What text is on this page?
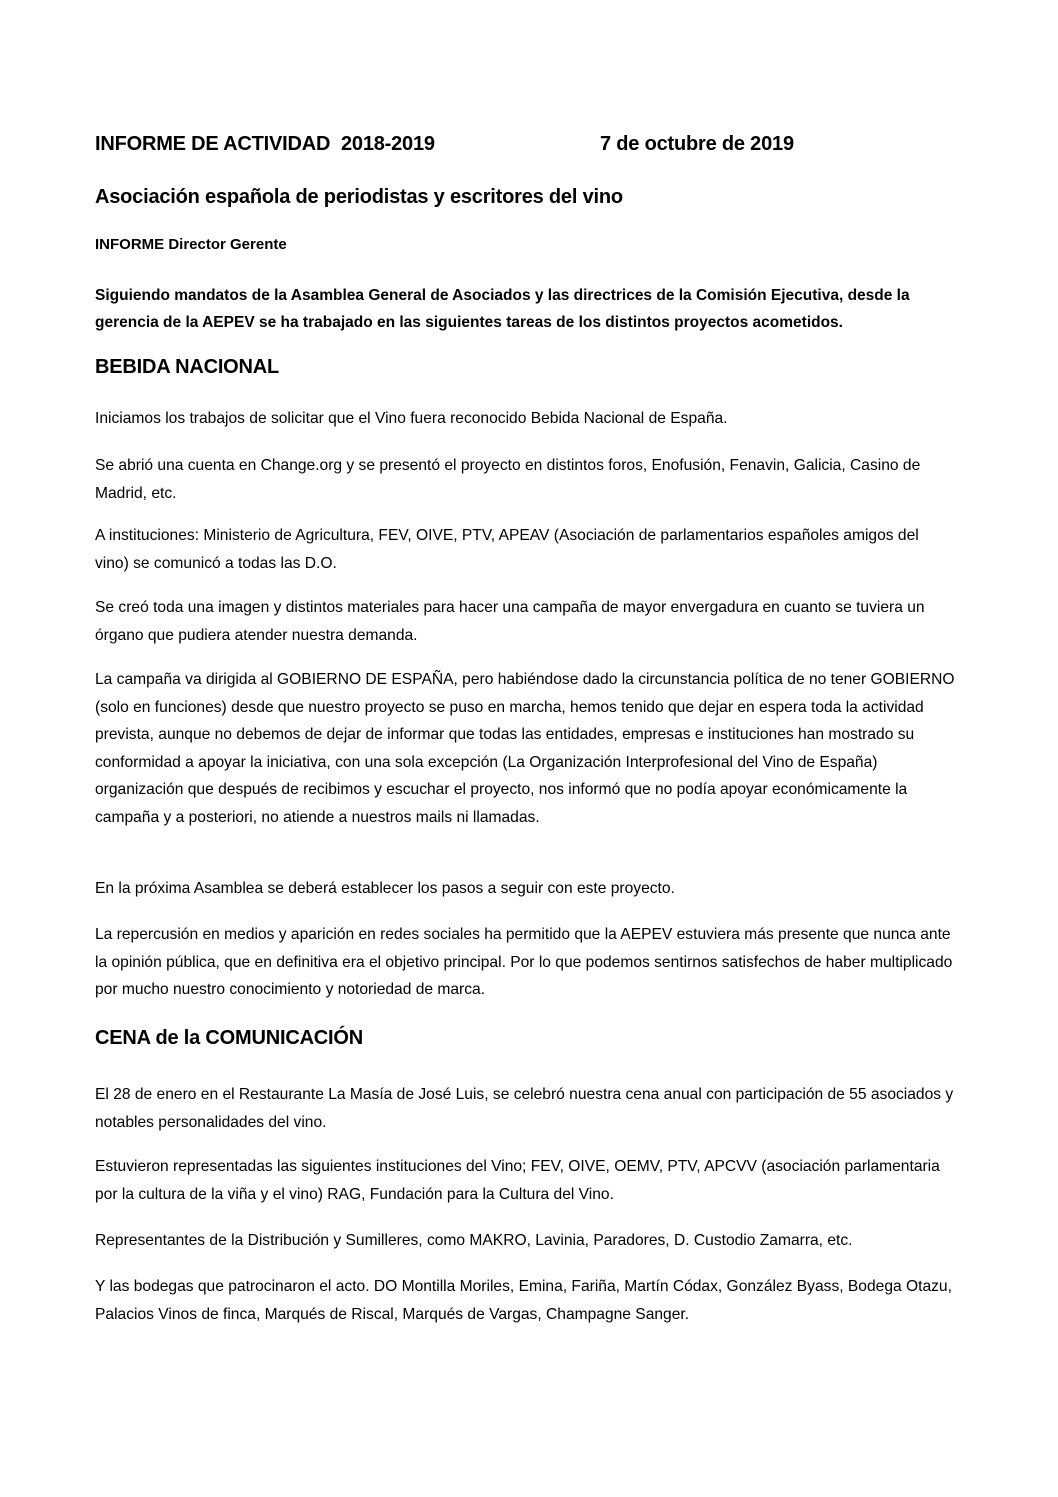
INFORME DE ACTIVIDAD  2018-2019	7 de octubre de 2019
Asociación española de periodistas y escritores del vino
INFORME Director Gerente
Siguiendo mandatos de la Asamblea General de Asociados y las directrices de la Comisión Ejecutiva, desde la gerencia de la AEPEV se ha trabajado en las siguientes tareas de los distintos proyectos acometidos.
BEBIDA NACIONAL
Iniciamos los trabajos de solicitar que el Vino fuera reconocido Bebida Nacional de España.
Se abrió una cuenta en Change.org y se presentó el proyecto en distintos foros, Enofusión, Fenavin, Galicia, Casino de Madrid, etc.
A instituciones: Ministerio de Agricultura, FEV, OIVE, PTV, APEAV (Asociación de parlamentarios españoles amigos del vino) se comunicó a todas las D.O.
Se creó toda una imagen y distintos materiales para hacer una campaña de mayor envergadura en cuanto se tuviera un órgano que pudiera atender nuestra demanda.
La campaña va dirigida al GOBIERNO DE ESPAÑA, pero habiéndose dado la circunstancia política de no tener GOBIERNO (solo en funciones) desde que nuestro proyecto se puso en marcha, hemos tenido que dejar en espera toda la actividad prevista, aunque no debemos de dejar de informar que todas las entidades, empresas e instituciones han mostrado su conformidad a apoyar la iniciativa, con una sola excepción (La Organización Interprofesional del Vino de España) organización que después de recibimos y escuchar el proyecto, nos informó que no podía apoyar económicamente la campaña y a posteriori, no atiende a nuestros mails ni llamadas.
En la próxima Asamblea se deberá establecer los pasos a seguir con este proyecto.
La repercusión en medios y aparición en redes sociales ha permitido que la AEPEV estuviera más presente que nunca ante la opinión pública, que en definitiva era el objetivo principal. Por lo que podemos sentirnos satisfechos de haber multiplicado por mucho nuestro conocimiento y notoriedad de marca.
CENA de la COMUNICACIÓN
El 28 de enero en el Restaurante La Masía de José Luis, se celebró nuestra cena anual con participación de 55 asociados y notables personalidades del vino.
Estuvieron representadas las siguientes instituciones del Vino; FEV, OIVE, OEMV, PTV, APCVV (asociación parlamentaria por la cultura de la viña y el vino) RAG, Fundación para la Cultura del Vino.
Representantes de la Distribución y Sumilleres, como MAKRO, Lavinia, Paradores, D. Custodio Zamarra, etc.
Y las bodegas que patrocinaron el acto. DO Montilla Moriles, Emina, Fariña, Martín Códax, González Byass, Bodega Otazu, Palacios Vinos de finca, Marqués de Riscal, Marqués de Vargas, Champagne Sanger.
